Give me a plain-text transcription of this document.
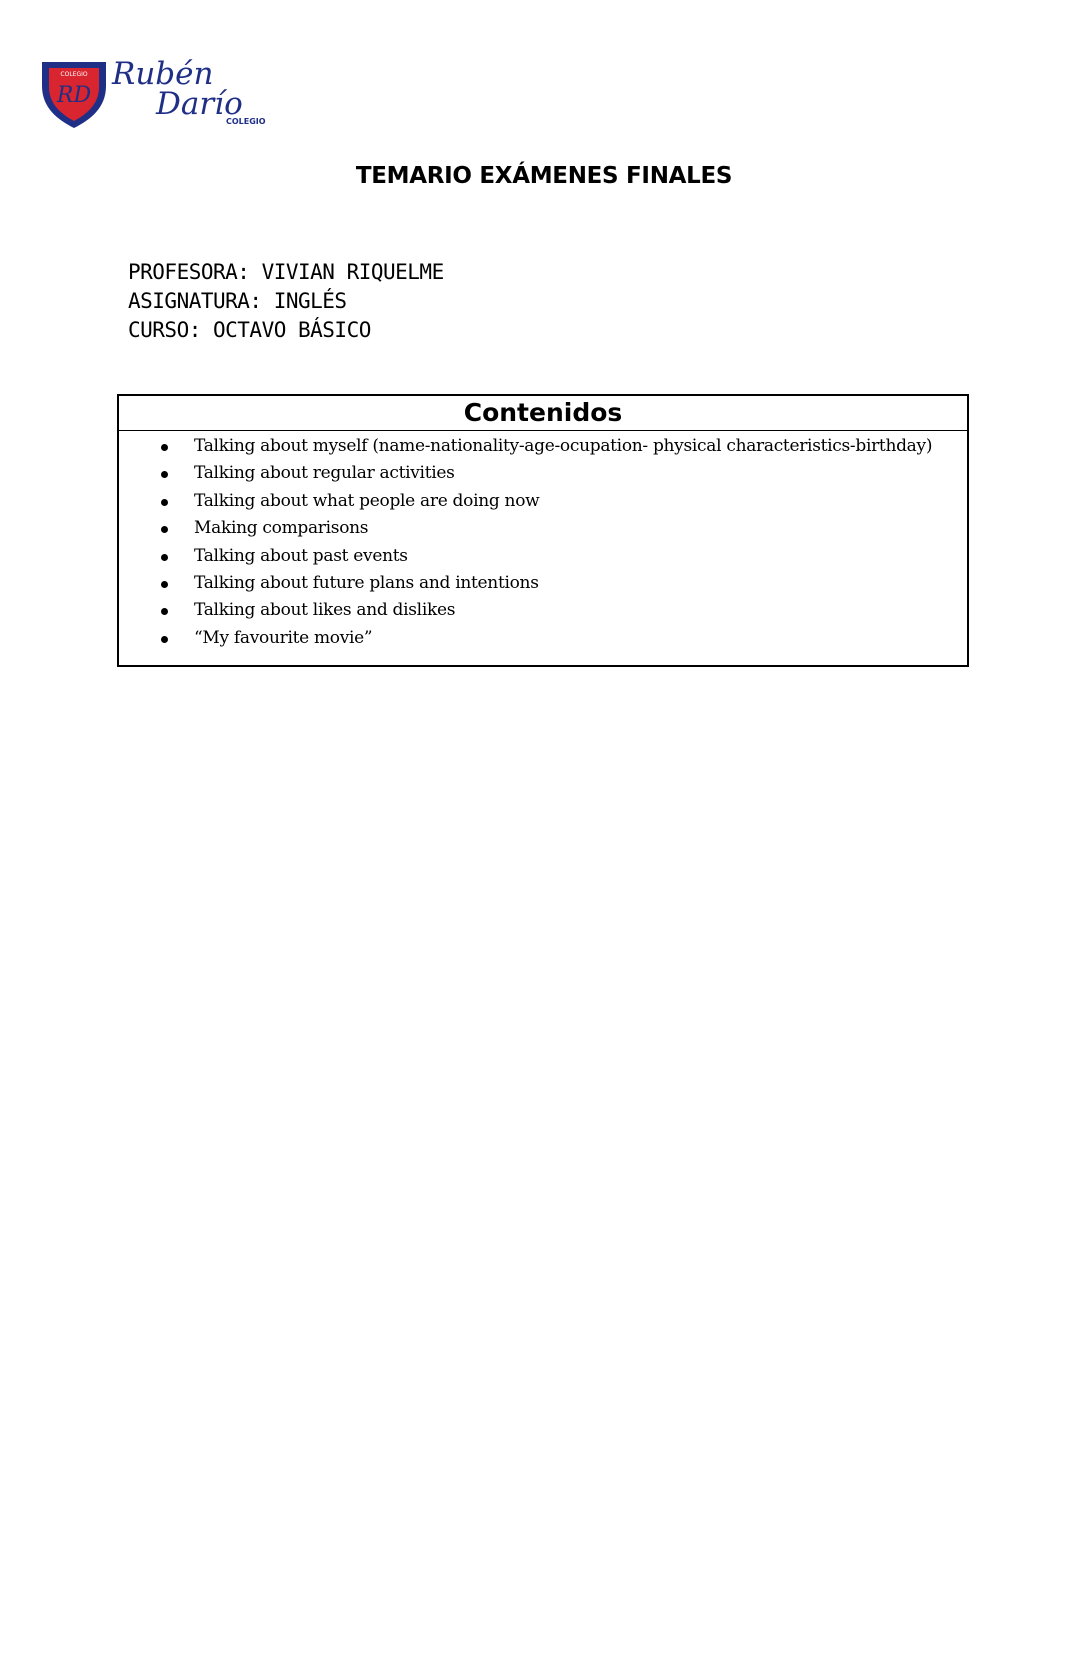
COLEGIO
RD
Rubén
Darío
COLEGIO
TEMARIO EXÁMENES FINALES
PROFESORA: VIVIAN RIQUELME
ASIGNATURA: INGLÉS
CURSO: OCTAVO BÁSICO
Contenidos
Talking about myself (name-nationality-age-ocupation- physical characteristics-birthday)
Talking about regular activities
Talking about what people are doing now
Making comparisons
Talking about past events
Talking about future plans and intentions
Talking about likes and dislikes
“My favourite movie”
